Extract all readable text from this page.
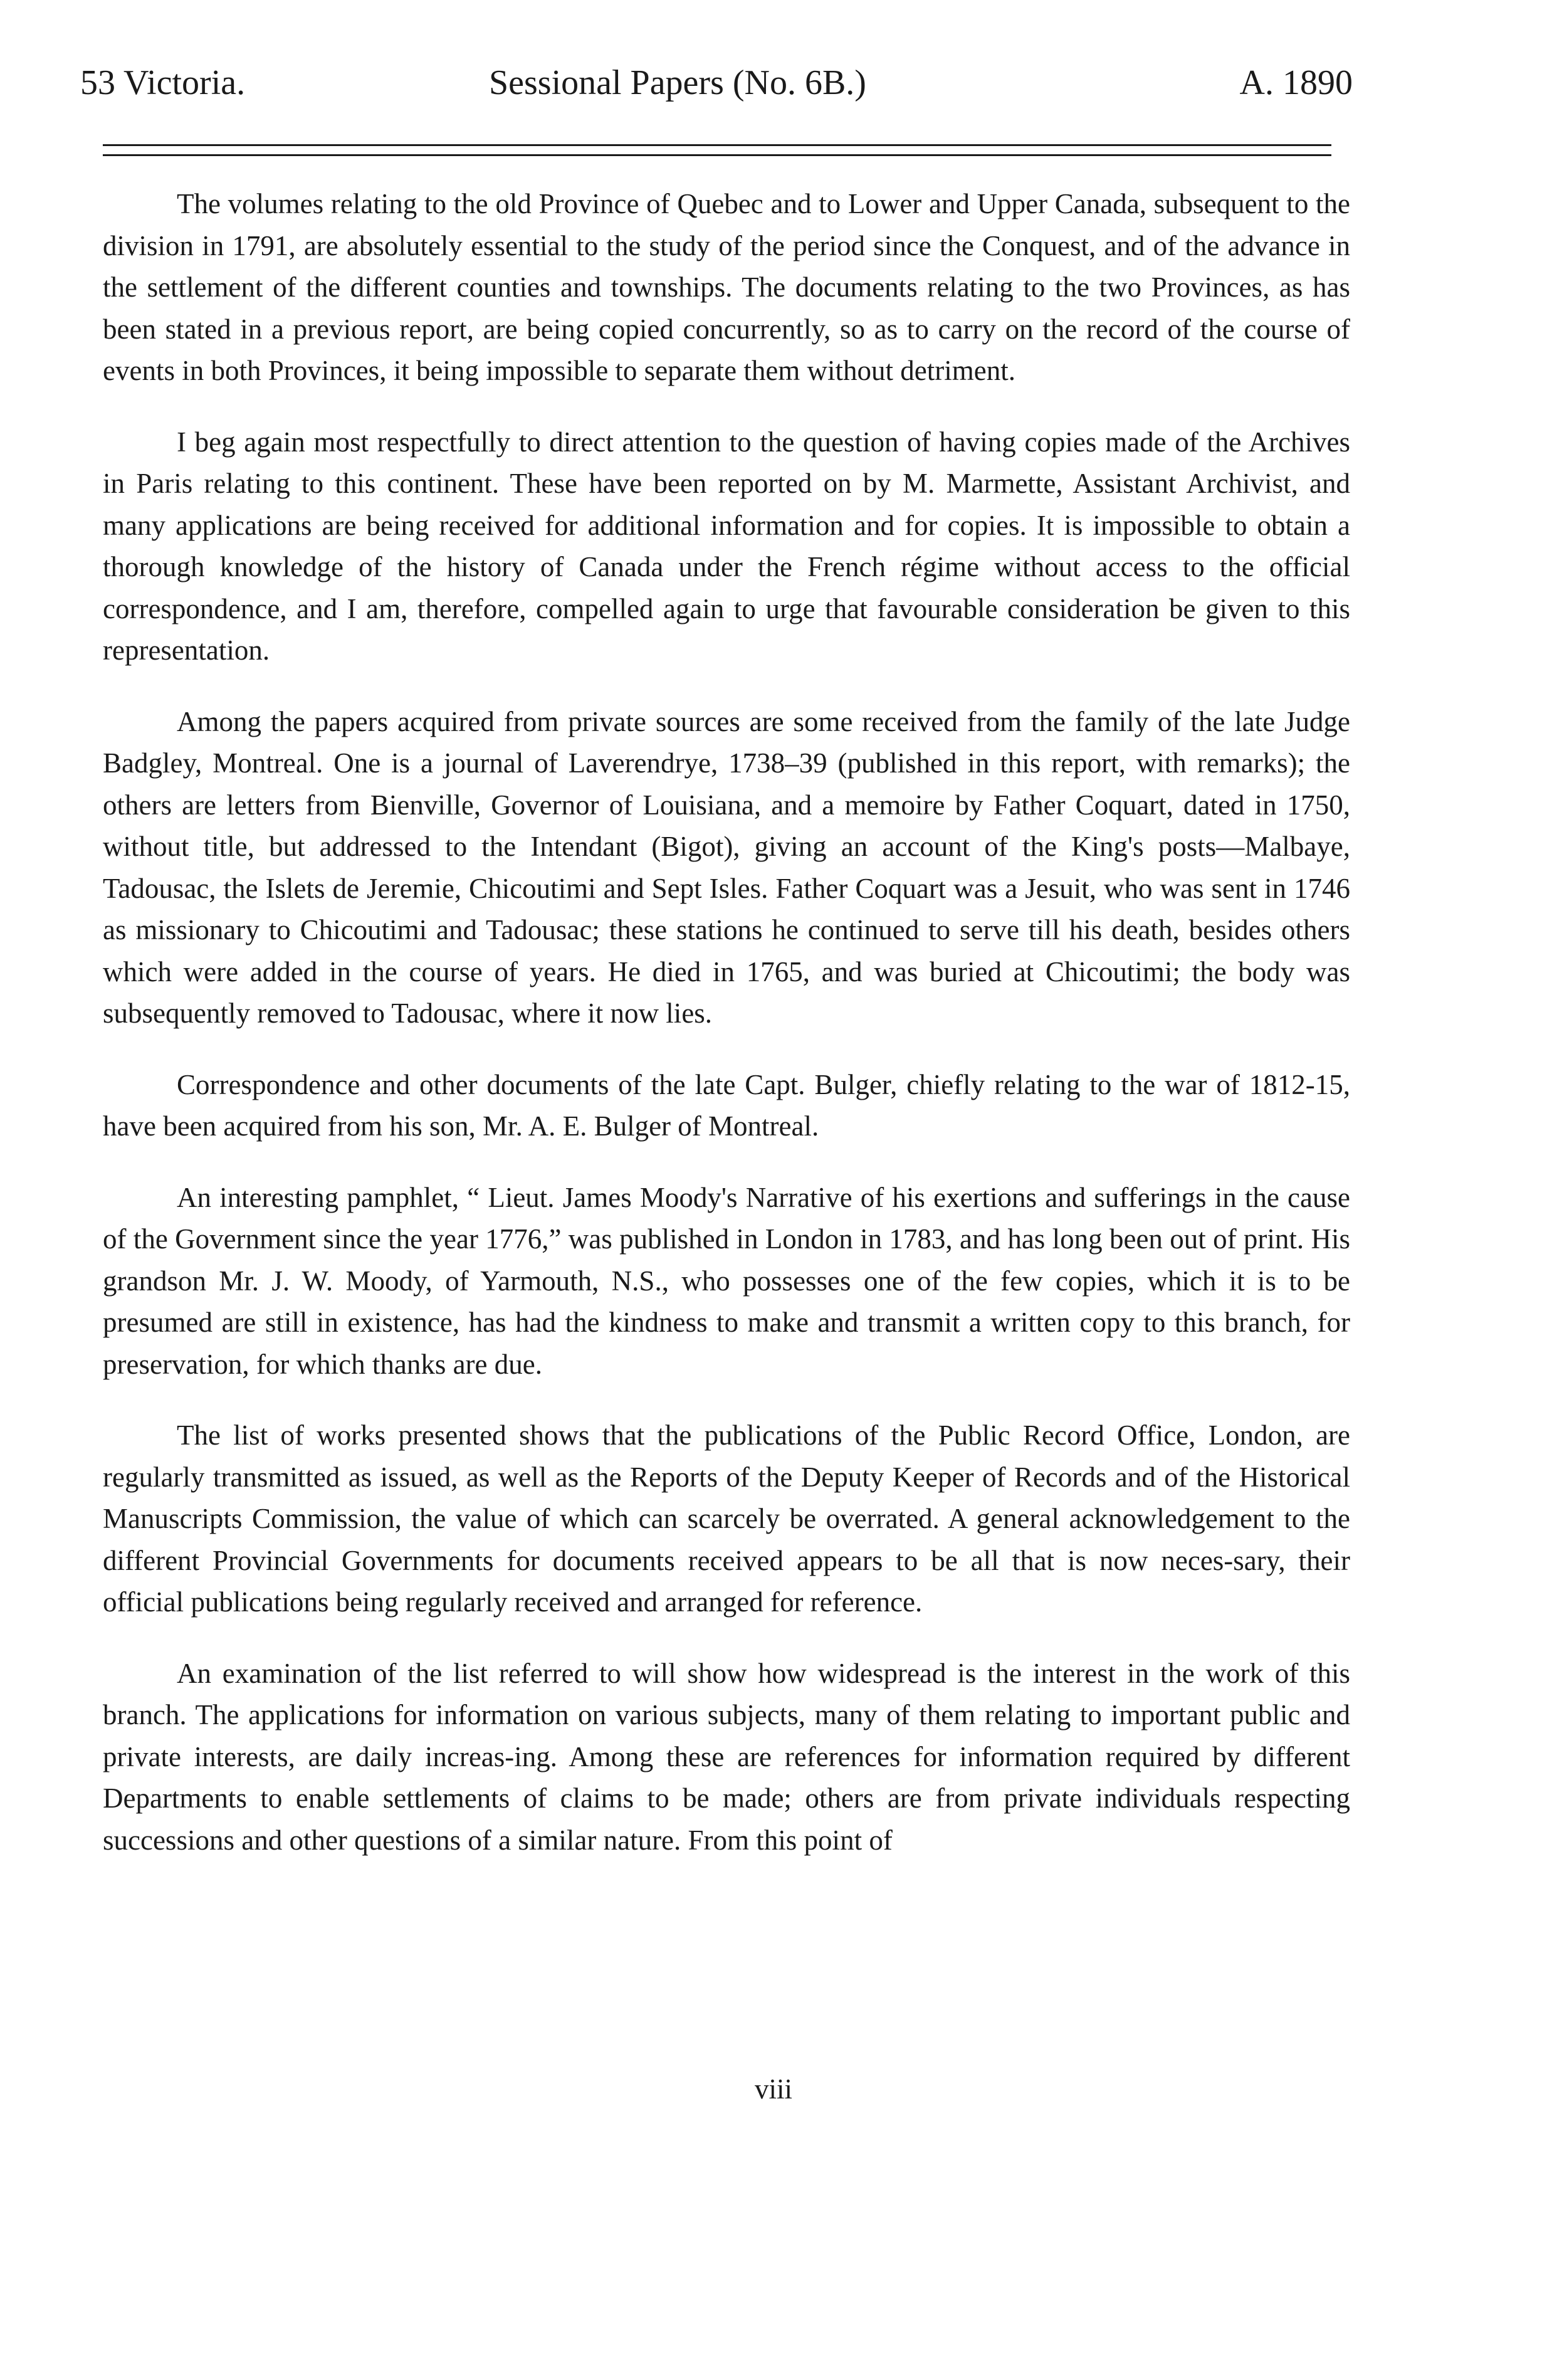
53 Victoria.	Sessional Papers (No. 6B.)	A. 1890

The volumes relating to the old Province of Quebec and to Lower and Upper Canada, subsequent to the division in 1791, are absolutely essential to the study of the period since the Conquest, and of the advance in the settlement of the different counties and townships. The documents relating to the two Provinces, as has been stated in a previous report, are being copied concurrently, so as to carry on the record of the course of events in both Provinces, it being impossible to separate them without detriment.

I beg again most respectfully to direct attention to the question of having copies made of the Archives in Paris relating to this continent. These have been reported on by M. Marmette, Assistant Archivist, and many applications are being received for additional information and for copies. It is impossible to obtain a thorough knowledge of the history of Canada under the French régime without access to the official correspondence, and I am, therefore, compelled again to urge that favourable consideration be given to this representation.

Among the papers acquired from private sources are some received from the family of the late Judge Badgley, Montreal. One is a journal of Laverendrye, 1738–39 (published in this report, with remarks); the others are letters from Bienville, Governor of Louisiana, and a memoire by Father Coquart, dated in 1750, without title, but addressed to the Intendant (Bigot), giving an account of the King's posts—Malbaye, Tadousac, the Islets de Jeremie, Chicoutimi and Sept Isles. Father Coquart was a Jesuit, who was sent in 1746 as missionary to Chicoutimi and Tadousac; these stations he continued to serve till his death, besides others which were added in the course of years. He died in 1765, and was buried at Chicoutimi; the body was subsequently removed to Tadousac, where it now lies.

Correspondence and other documents of the late Capt. Bulger, chiefly relating to the war of 1812-15, have been acquired from his son, Mr. A. E. Bulger of Montreal.

An interesting pamphlet, “ Lieut. James Moody's Narrative of his exertions and sufferings in the cause of the Government since the year 1776,” was published in London in 1783, and has long been out of print. His grandson Mr. J. W. Moody, of Yarmouth, N.S., who possesses one of the few copies, which it is to be presumed are still in existence, has had the kindness to make and transmit a written copy to this branch, for preservation, for which thanks are due.

The list of works presented shows that the publications of the Public Record Office, London, are regularly transmitted as issued, as well as the Reports of the Deputy Keeper of Records and of the Historical Manuscripts Commission, the value of which can scarcely be overrated. A general acknowledgement to the different Provincial Governments for documents received appears to be all that is now neces-sary, their official publications being regularly received and arranged for reference.

An examination of the list referred to will show how widespread is the interest in the work of this branch. The applications for information on various subjects, many of them relating to important public and private interests, are daily increas-ing. Among these are references for information required by different Departments to enable settlements of claims to be made; others are from private individuals respecting successions and other questions of a similar nature. From this point of

viii
